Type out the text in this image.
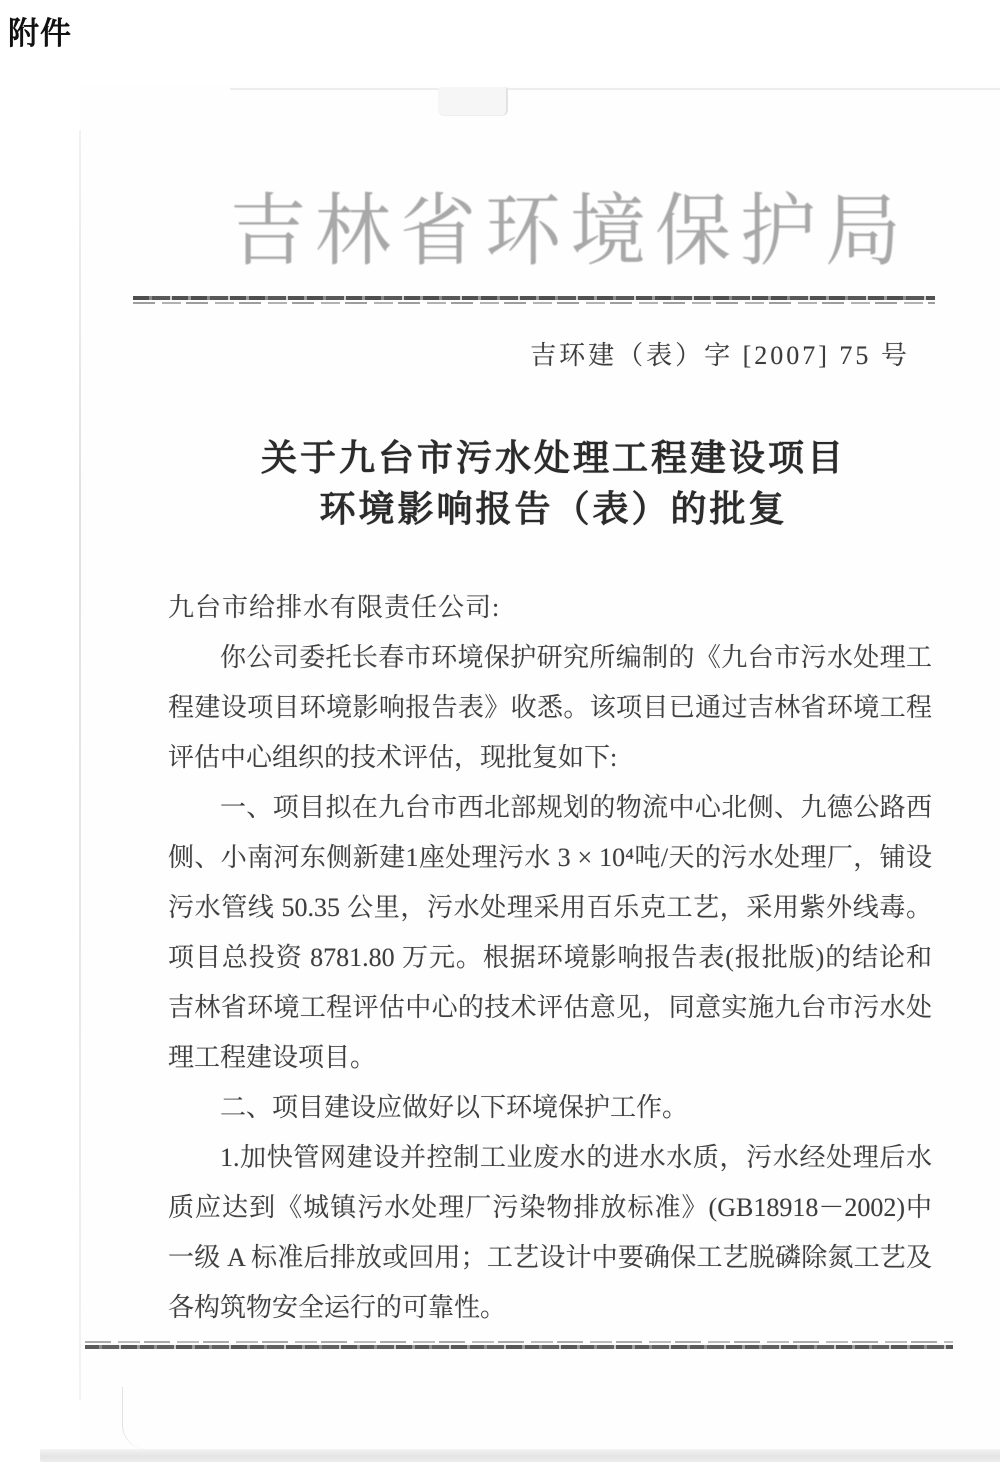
附件
吉林省环境保护局
吉环建（表）字 [2007] 75 号
关于九台市污水处理工程建设项目
环境影响报告（表）的批复
九台市给排水有限责任公司:

你公司委托长春市环境保护研究所编制的《九台市污水处理工程建设项目环境影响报告表》收悉。该项目已通过吉林省环境工程评估中心组织的技术评估，现批复如下:

一、项目拟在九台市西北部规划的物流中心北侧、九德公路西侧、小南河东侧新建1座处理污水 3 × 10⁴吨/天的污水处理厂，铺设污水管线 50.35 公里，污水处理采用百乐克工艺，采用紫外线毒。项目总投资 8781.80 万元。根据环境影响报告表(报批版)的结论和吉林省环境工程评估中心的技术评估意见，同意实施九台市污水处理工程建设项目。

二、项目建设应做好以下环境保护工作。

1.加快管网建设并控制工业废水的进水水质，污水经处理后水质应达到《城镇污水处理厂污染物排放标准》(GB18918－2002)中一级 A 标准后排放或回用；工艺设计中要确保工艺脱磷除氮工艺及各构筑物安全运行的可靠性。
